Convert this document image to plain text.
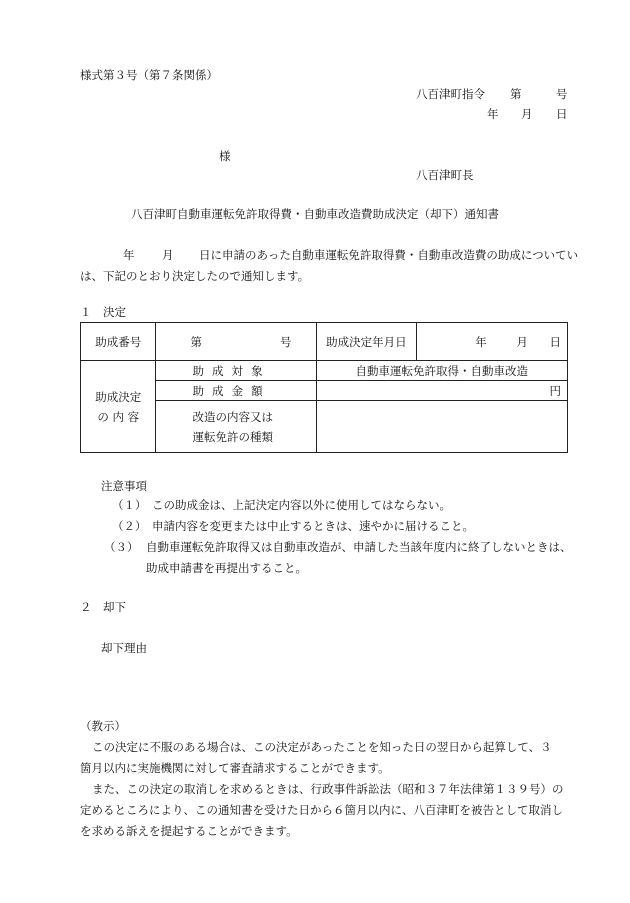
様式第３号（第７条関係）
八百津町指令 第	号
年 月 日
様
八百津町長
八百津町自動車運転免許取得費・自動車改造費助成決定（却下）通知書
年 月 日に申請のあった自動車運転免許取得費・自動車改造費の助成についてい
は、下記のとおり決定したので通知します。
１　決定
助成番号	第 号	助成決定年月日	年 月 日

助成決定
の 内 容	助成対象	自動車運転免許取得・自動車改造	
	助成金額	円	
	改造の内容又は
運転免許の種類		
注意事項
（１） この助成金は、上記決定内容以外に使用してはならない。
（２） 申請内容を変更または中止するときは、速やかに届けること。
（３） 自動車運転免許取得又は自動車改造が、申請した当該年度内に終了しないときは、
助成申請書を再提出すること。
２　却下
却下理由
（教示）
この決定に不服のある場合は、この決定があったことを知った日の翌日から起算して、３
箇月以内に実施機関に対して審査請求することができます。
また、この決定の取消しを求めるときは、行政事件訴訟法（昭和３７年法律第１３９号）の
定めるところにより、この通知書を受けた日から６箇月以内に、八百津町を被告として取消し
を求める訴えを提起することができます。
